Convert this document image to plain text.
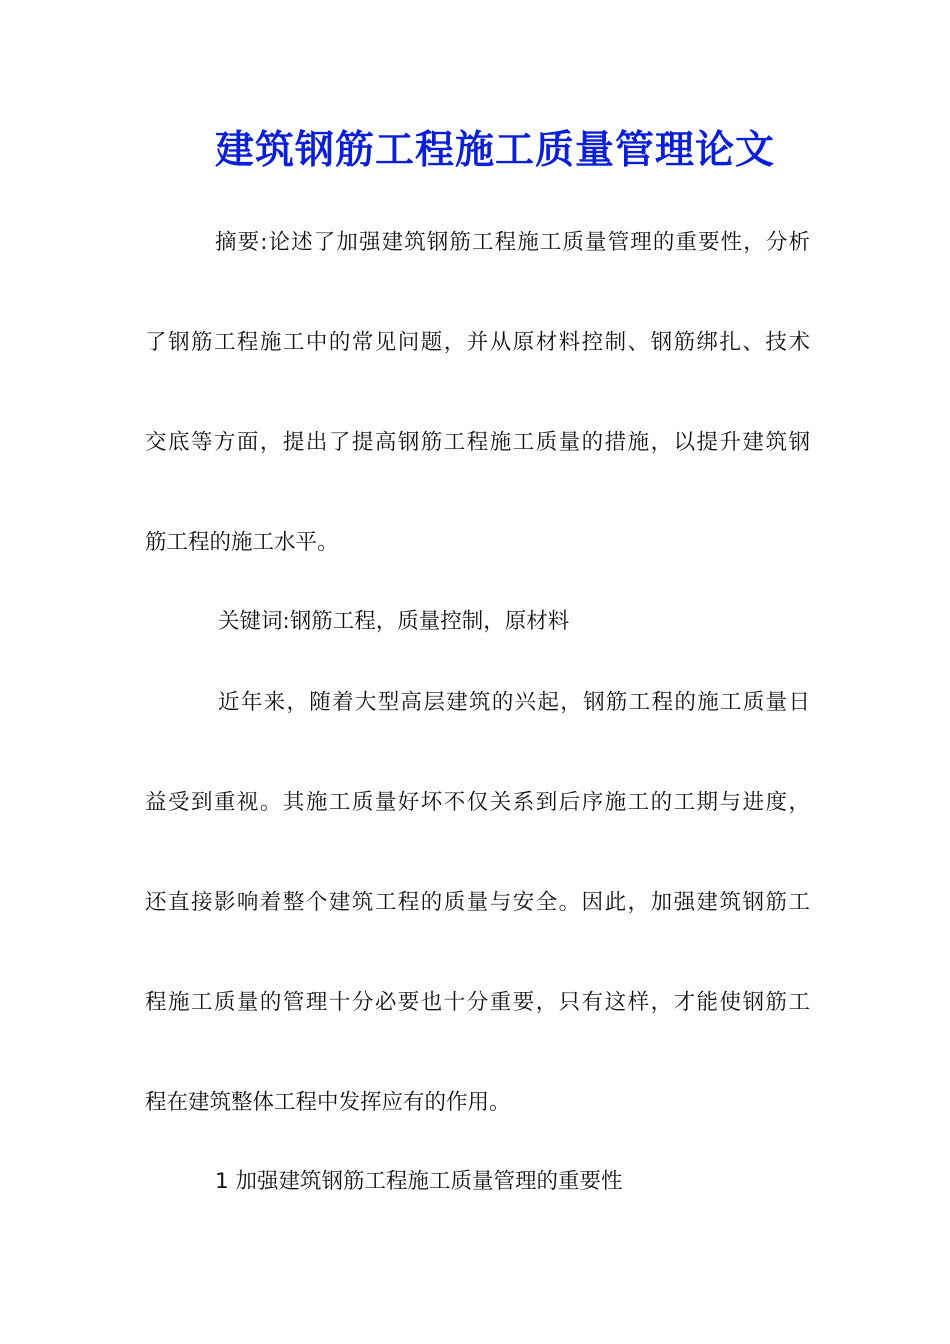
建筑钢筋工程施工质量管理论文
摘要:论述了加强建筑钢筋工程施工质量管理的重要性，分析
了钢筋工程施工中的常见问题，并从原材料控制、钢筋绑扎、技术
交底等方面，提出了提高钢筋工程施工质量的措施，以提升建筑钢
筋工程的施工水平。
关键词:钢筋工程，质量控制，原材料
近年来，随着大型高层建筑的兴起，钢筋工程的施工质量日
益受到重视。其施工质量好坏不仅关系到后序施工的工期与进度，
还直接影响着整个建筑工程的质量与安全。因此，加强建筑钢筋工
程施工质量的管理十分必要也十分重要，只有这样，才能使钢筋工
程在建筑整体工程中发挥应有的作用。
1 加强建筑钢筋工程施工质量管理的重要性
